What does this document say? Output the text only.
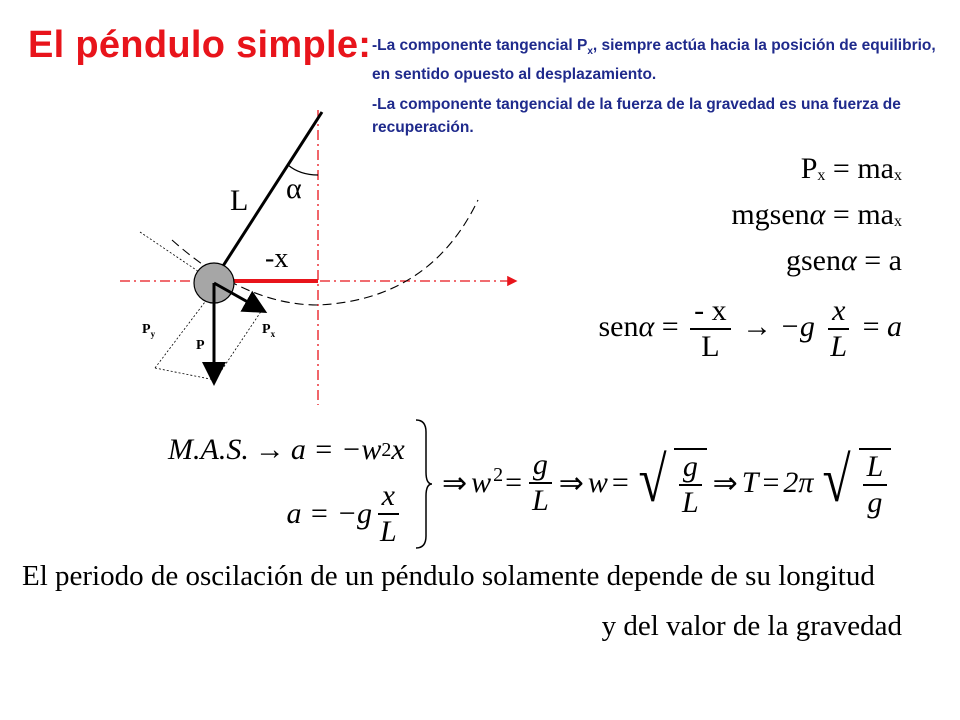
El péndulo simple: -La componente tangencial $P_x$, siempre actúa hacia la posición de equilibrio, en sentido opuesto al desplazamiento.

-La componente tangencial de la fuerza de la gravedad es una fuerza de recuperación.

L α
-x
$P_y$
P
$P_x$
$P_x = ma_x$
mgsenα = $ma_x$
gsenα = a
$sen\alpha = \frac{- x}{L} \to -g \frac{x}{L} = a$
M.A.S. → a = −w 2 x
$a = -g \frac{x}{L}$ ⇒ $w^2 = \frac{g}{L}$ ⇒ w = √ $\frac{g}{L}$ ⇒ T = 2π √ $\frac{L}{g}$
El periodo de oscilación de un péndulo solamente depende de su longitud
y del valor de la gravedad
